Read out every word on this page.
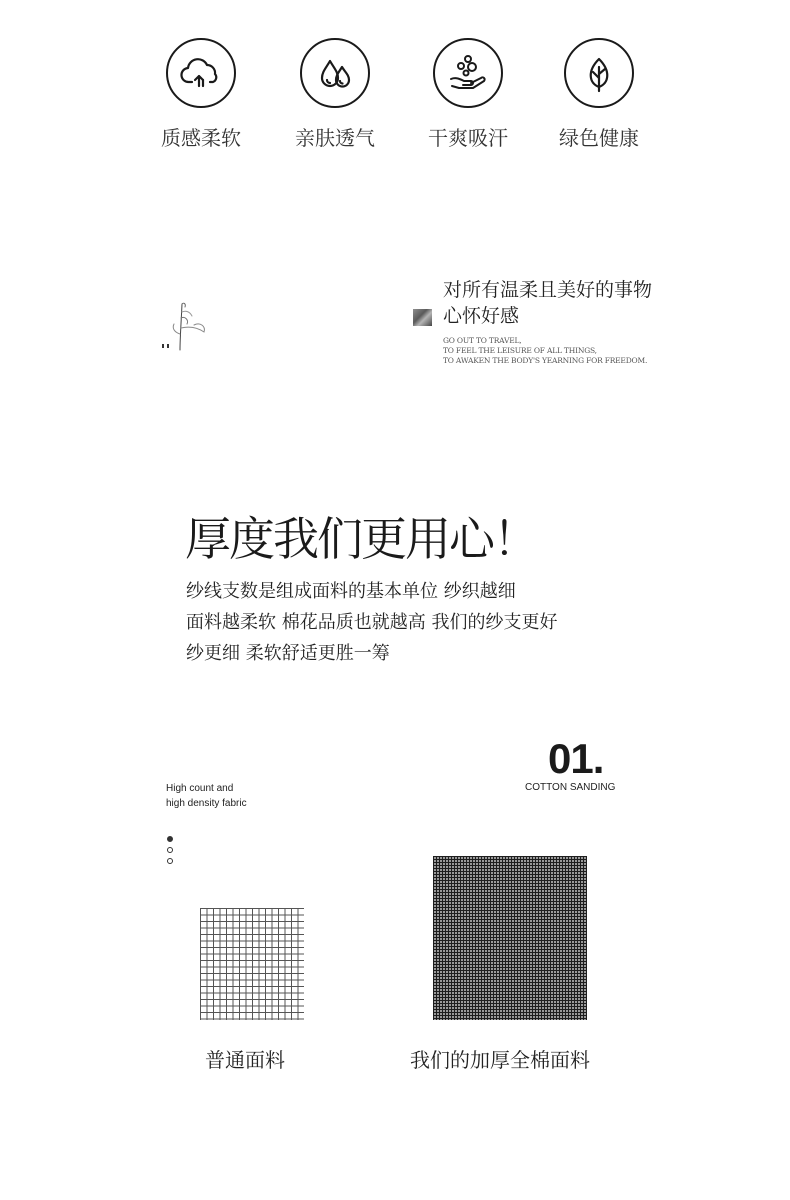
质感柔软	亲肤透气	干爽吸汗	绿色健康
对所有温柔且美好的事物
心怀好感
GO OUT TO TRAVEL,
TO FEEL THE LEISURE OF ALL THINGS,
TO AWAKEN THE BODY'S YEARNING FOR FREEDOM.
厚度我们更用心！
纱线支数是组成面料的基本单位 纱织越细
面料越柔软 棉花品质也就越高 我们的纱支更好
纱更细 柔软舒适更胜一筹
01.
COTTON SANDING
High count and
high density fabric
普通面料	我们的加厚全棉面料
